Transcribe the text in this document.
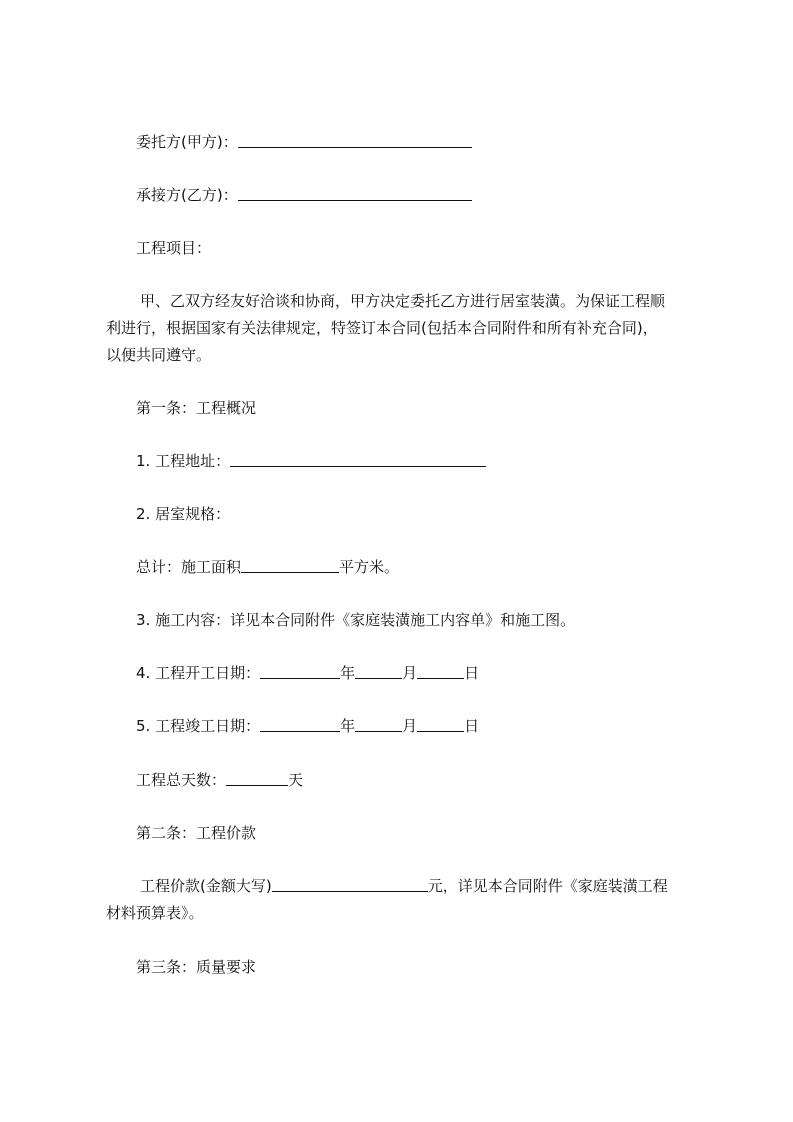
委托方(甲方)：
承接方(乙方)：
工程项目：
甲、乙双方经友好洽谈和协商，甲方决定委托乙方进行居室装潢。为保证工程顺
利进行，根据国家有关法律规定，特签订本合同(包括本合同附件和所有补充合同)，
以便共同遵守。
第一条：工程概况
1. 工程地址：
2. 居室规格：
总计：施工面积	平方米。
3. 施工内容：详见本合同附件《家庭装潢施工内容单》和施工图。
4. 工程开工日期：	年	月	日
5. 工程竣工日期：	年	月	日
工程总天数：	天
第二条：工程价款
工程价款(金额大写)	元，详见本合同附件《家庭装潢工程
材料预算表》。
第三条：质量要求
